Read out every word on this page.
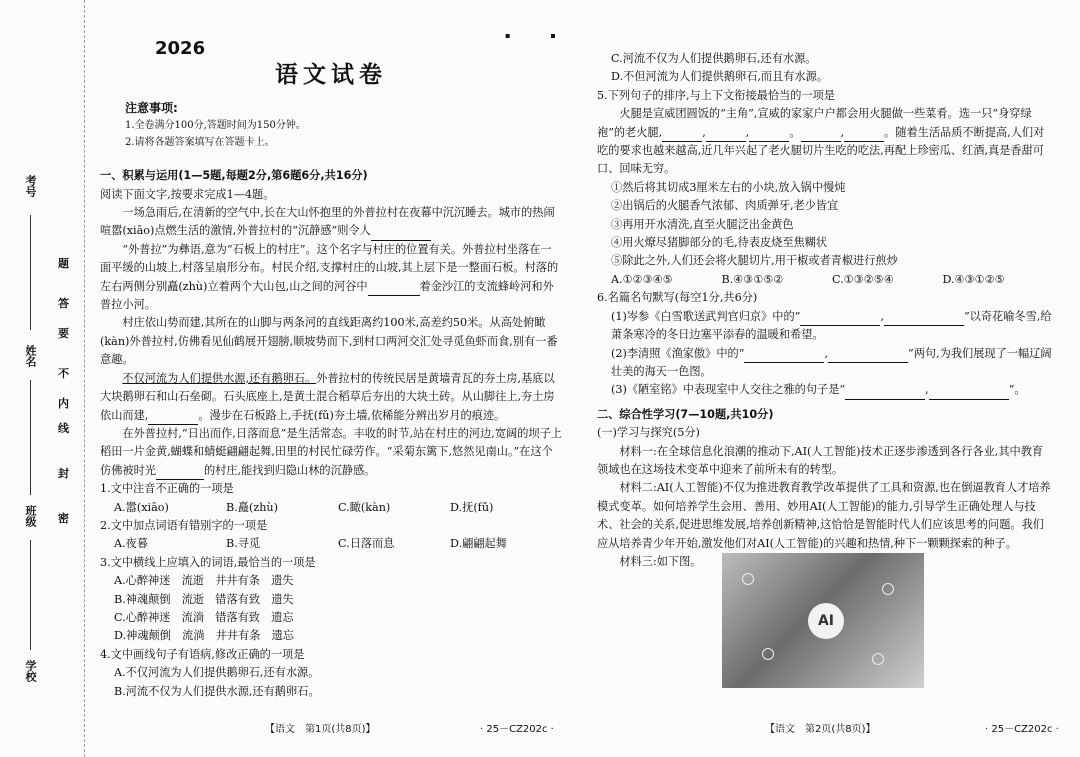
考号
姓名
班级
学校
密
封
线
内
不
要
答
题
▪　　　　　▪
2026
语文试卷
注意事项:
1.全卷满分100分,答题时间为150分钟。
2.请将各题答案填写在答题卡上。

一、积累与运用(1—5题,每题2分,第6题6分,共16分)

阅读下面文字,按要求完成1—4题。

一场急雨后,在清新的空气中,长在大山怀抱里的外普拉村在夜幕中沉沉睡去。城市的热闹喧嚣(xiāo)点燃生活的激情,外普拉村的“沉静感”则令人

“外普拉”为彝语,意为“石板上的村庄”。这个名字与村庄的位置有关。外普拉村坐落在一面平缓的山坡上,村落呈扇形分布。村民介绍,支撑村庄的山坡,其上层下是一整面石板。村落的左右两侧分别矗(zhù)立着两个大山包,山之间的河谷中	着金沙江的支流蜂岭河和外普拉小河。

村庄依山势而建,其所在的山脚与两条河的直线距离约100米,高差约50米。从高处俯瞰(kàn)外普拉村,仿佛看见仙鹤展开翅膀,顺坡势而下,到村口两河交汇处寻觅鱼虾而食,别有一番意趣。

不仅河流为人们提供水源,还有鹅卵石。外普拉村的传统民居是黄墙青瓦的夯土房,基底以大块鹅卵石和山石垒砌。石头底座上,是黄土混合稻草后夯出的大块土砖。从山脚往上,夯土房依山而建,	。漫步在石板路上,手抚(fǔ)夯土墙,依稀能分辨出岁月的痕迹。

在外普拉村,“日出而作,日落而息”是生活常态。丰收的时节,站在村庄的河边,宽阔的坝子上稻田一片金黄,蝴蝶和蜻蜓翩翩起舞,田里的村民忙碌劳作。“采菊东篱下,悠然见南山。”在这个仿佛被时光	的村庄,能找到归隐山林的沉静感。

1.文中注音不正确的一项是

A.嚣(xiāo)	B.矗(zhù)	C.瞰(kàn)	D.抚(fǔ)

2.文中加点词语有错别字的一项是

A.夜暮	B.寻觅	C.日落而息	D.翩翩起舞

3.文中横线上应填入的词语,最恰当的一项是

A.心醉神迷　流逝　井井有条　遗失

B.神魂颠倒　流逝　错落有致　遗失

C.心醉神迷　流淌　错落有致　遗忘

D.神魂颠倒　流淌　井井有条　遗忘

4.文中画线句子有语病,修改正确的一项是

A.不仅河流为人们提供鹅卵石,还有水源。

B.河流不仅为人们提供水源,还有鹅卵石。

【语文　第1页(共8页)】	· 25－CZ202c ·

C.河流不仅为人们提供鹅卵石,还有水源。

D.不但河流为人们提供鹅卵石,而且有水源。

5.下列句子的排序,与上下文衔接最恰当的一项是

火腿是宣威团圆饭的“主角”,宣威的家家户户都会用火腿做一些菜肴。选一只“身穿绿袍”的老火腿,	,	,	。	,	。随着生活品质不断提高,人们对吃的要求也越来越高,近几年兴起了老火腿切片生吃的吃法,再配上珍密瓜、红酒,真是香甜可口、回味无穷。

①然后将其切成3厘米左右的小块,放入锅中慢炖

②出锅后的火腿香气浓郁、肉质弹牙,老少皆宜

③再用开水清洗,直至火腿泛出金黄色

④用火燎尽猪脚部分的毛,待表皮烧至焦糊状

⑤除此之外,人们还会将火腿切片,用干椒或者青椒进行煎炒

A.①②③④⑤	B.④③①⑤②	C.①③②⑤④	D.④③①②⑤

6.名篇名句默写(每空1分,共6分)

(1)岑参《白雪歌送武判官归京》中的“	,	”以奇花喻冬雪,给萧条寒冷的冬日边塞平添春的温暖和希望。

(2)李清照《渔家傲》中的“	,	”两句,为我们展现了一幅辽阔壮美的海天一色图。

(3)《陋室铭》中表现室中人交往之雅的句子是“	,	”。

二、综合性学习(7—10题,共10分)

(一)学习与探究(5分)

材料一:在全球信息化浪潮的推动下,AI(人工智能)技术正逐步渗透到各行各业,其中教育领域也在这场技术变革中迎来了前所未有的转型。

材料二:AI(人工智能)不仅为推进教育教学改革提供了工具和资源,也在倒逼教育人才培养模式变革。如何培养学生会用、善用、妙用AI(人工智能)的能力,引导学生正确处理人与技术、社会的关系,促进思维发展,培养创新精神,这恰恰是智能时代人们应该思考的问题。我们应从培养青少年开始,激发他们对AI(人工智能)的兴趣和热情,种下一颗颗探索的种子。

材料三:如下图。

AI
【语文　第2页(共8页)】	· 25－CZ202c ·
